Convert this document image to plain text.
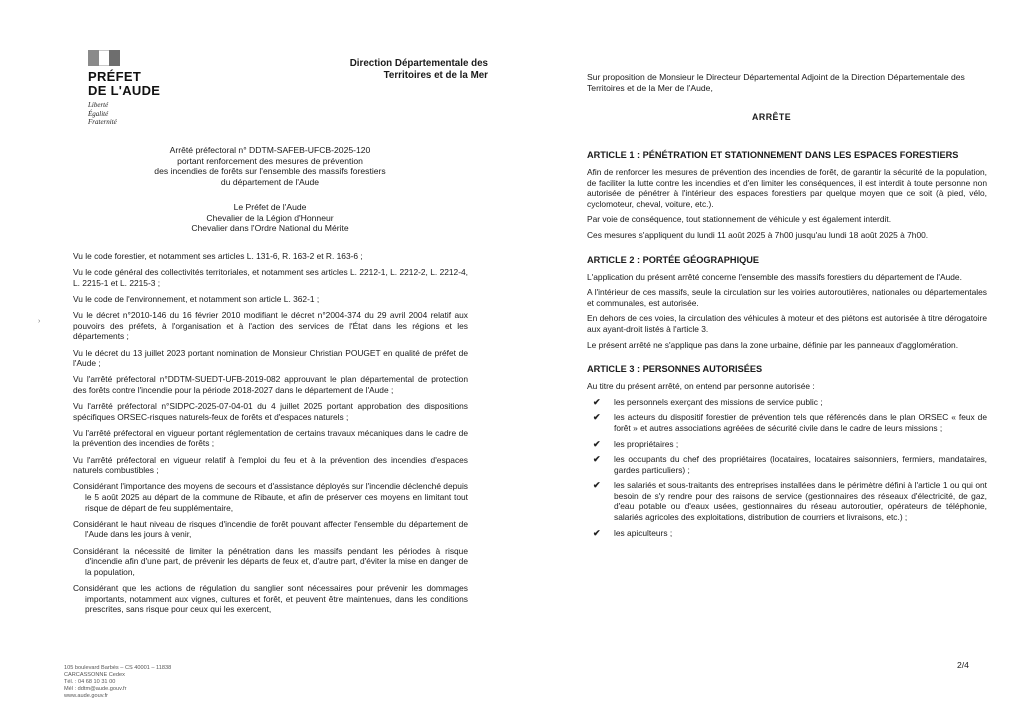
PRÉFET
DE L'AUDE
Liberté
Égalité
Fraternité
Direction Départementale des
Territoires et de la Mer
Arrêté préfectoral n° DDTM-SAFEB-UFCB-2025-120
portant renforcement des mesures de prévention
des incendies de forêts sur l'ensemble des massifs forestiers
du département de l'Aude
Le Préfet de l'Aude
Chevalier de la Légion d'Honneur
Chevalier dans l'Ordre National du Mérite
›

Vu le code forestier, et notamment ses articles L. 131-6, R. 163-2 et R. 163-6 ;

Vu le code général des collectivités territoriales, et notamment ses articles L. 2212-1, L. 2212-2, L. 2212-4, L. 2215-1 et L. 2215-3 ;

Vu le code de l'environnement, et notamment son article L. 362-1 ;

Vu le décret n°2010-146 du 16 février 2010 modifiant le décret n°2004-374 du 29 avril 2004 relatif aux pouvoirs des préfets, à l'organisation et à l'action des services de l'État dans les régions et les départements ;

Vu le décret du 13 juillet 2023 portant nomination de Monsieur Christian POUGET en qualité de préfet de l'Aude ;

Vu l'arrêté préfectoral n°DDTM-SUEDT-UFB-2019-082 approuvant le plan départemental de protection des forêts contre l'incendie pour la période 2018-2027 dans le département de l'Aude ;

Vu l'arrêté préfectoral n°SIDPC-2025-07-04-01 du 4 juillet 2025 portant approbation des dispositions spécifiques ORSEC-risques naturels-feux de forêts et d'espaces naturels ;

Vu l'arrêté préfectoral en vigueur portant réglementation de certains travaux mécaniques dans le cadre de la prévention des incendies de forêts ;

Vu l'arrêté préfectoral en vigueur relatif à l'emploi du feu et à la prévention des incendies d'espaces naturels combustibles ;

Considérant l'importance des moyens de secours et d'assistance déployés sur l'incendie déclenché depuis le 5 août 2025 au départ de la commune de Ribaute, et afin de préserver ces moyens en limitant tout risque de départ de feu supplémentaire,

Considérant le haut niveau de risques d'incendie de forêt pouvant affecter l'ensemble du département de l'Aude dans les jours à venir,

Considérant la nécessité de limiter la pénétration dans les massifs pendant les périodes à risque d'incendie afin d'une part, de prévenir les départs de feux et, d'autre part, d'éviter la mise en danger de la population,

Considérant que les actions de régulation du sanglier sont nécessaires pour prévenir les dommages importants, notamment aux vignes, cultures et forêt, et peuvent être maintenues, dans les conditions prescrites, sans risque pour ceux qui les exercent,

105 boulevard Barbès – CS 40001 – 11838 CARCASSONNE Cedex
Tél. : 04 68 10 31 00
Mél : ddtm@aude.gouv.fr
www.aude.gouv.fr
Sur proposition de Monsieur le Directeur Départemental Adjoint de la Direction Départementale des Territoires et de la Mer de l'Aude,
ARRÊTE
ARTICLE 1 : PÉNÉTRATION ET STATIONNEMENT DANS LES ESPACES FORESTIERS

Afin de renforcer les mesures de prévention des incendies de forêt, de garantir la sécurité de la population, de faciliter la lutte contre les incendies et d'en limiter les conséquences, il est interdit à toute personne non autorisée de pénétrer à l'intérieur des espaces forestiers par quelque moyen que ce soit (à pied, vélo, cyclomoteur, cheval, voiture, etc.).

Par voie de conséquence, tout stationnement de véhicule y est également interdit.

Ces mesures s'appliquent du lundi 11 août 2025 à 7h00 jusqu'au lundi 18 août 2025 à 7h00.

ARTICLE 2 : PORTÉE GÉOGRAPHIQUE

L'application du présent arrêté concerne l'ensemble des massifs forestiers du département de l'Aude.

A l'intérieur de ces massifs, seule la circulation sur les voiries autoroutières, nationales ou départementales et communales, est autorisée.

En dehors de ces voies, la circulation des véhicules à moteur et des piétons est autorisée à titre dérogatoire aux ayant-droit listés à l'article 3.

Le présent arrêté ne s'applique pas dans la zone urbaine, définie par les panneaux d'agglomération.

ARTICLE 3 : PERSONNES AUTORISÉES

Au titre du présent arrêté, on entend par personne autorisée :

✔ les personnels exerçant des missions de service public ;
✔ les acteurs du dispositif forestier de prévention tels que référencés dans le plan ORSEC « feux de forêt » et autres associations agréées de sécurité civile dans le cadre de leurs missions ;
✔ les propriétaires ;
✔ les occupants du chef des propriétaires (locataires, locataires saisonniers, fermiers, mandataires, gardes particuliers) ;
✔ les salariés et sous-traitants des entreprises installées dans le périmètre défini à l'article 1 ou qui ont besoin de s'y rendre pour des raisons de service (gestionnaires des réseaux d'électricité, de gaz, d'eau potable ou d'eaux usées, gestionnaires du réseau autoroutier, opérateurs de téléphonie, salariés agricoles des exploitations, distribution de courriers et livraisons, etc.) ;
✔ les apiculteurs ;
2/4
